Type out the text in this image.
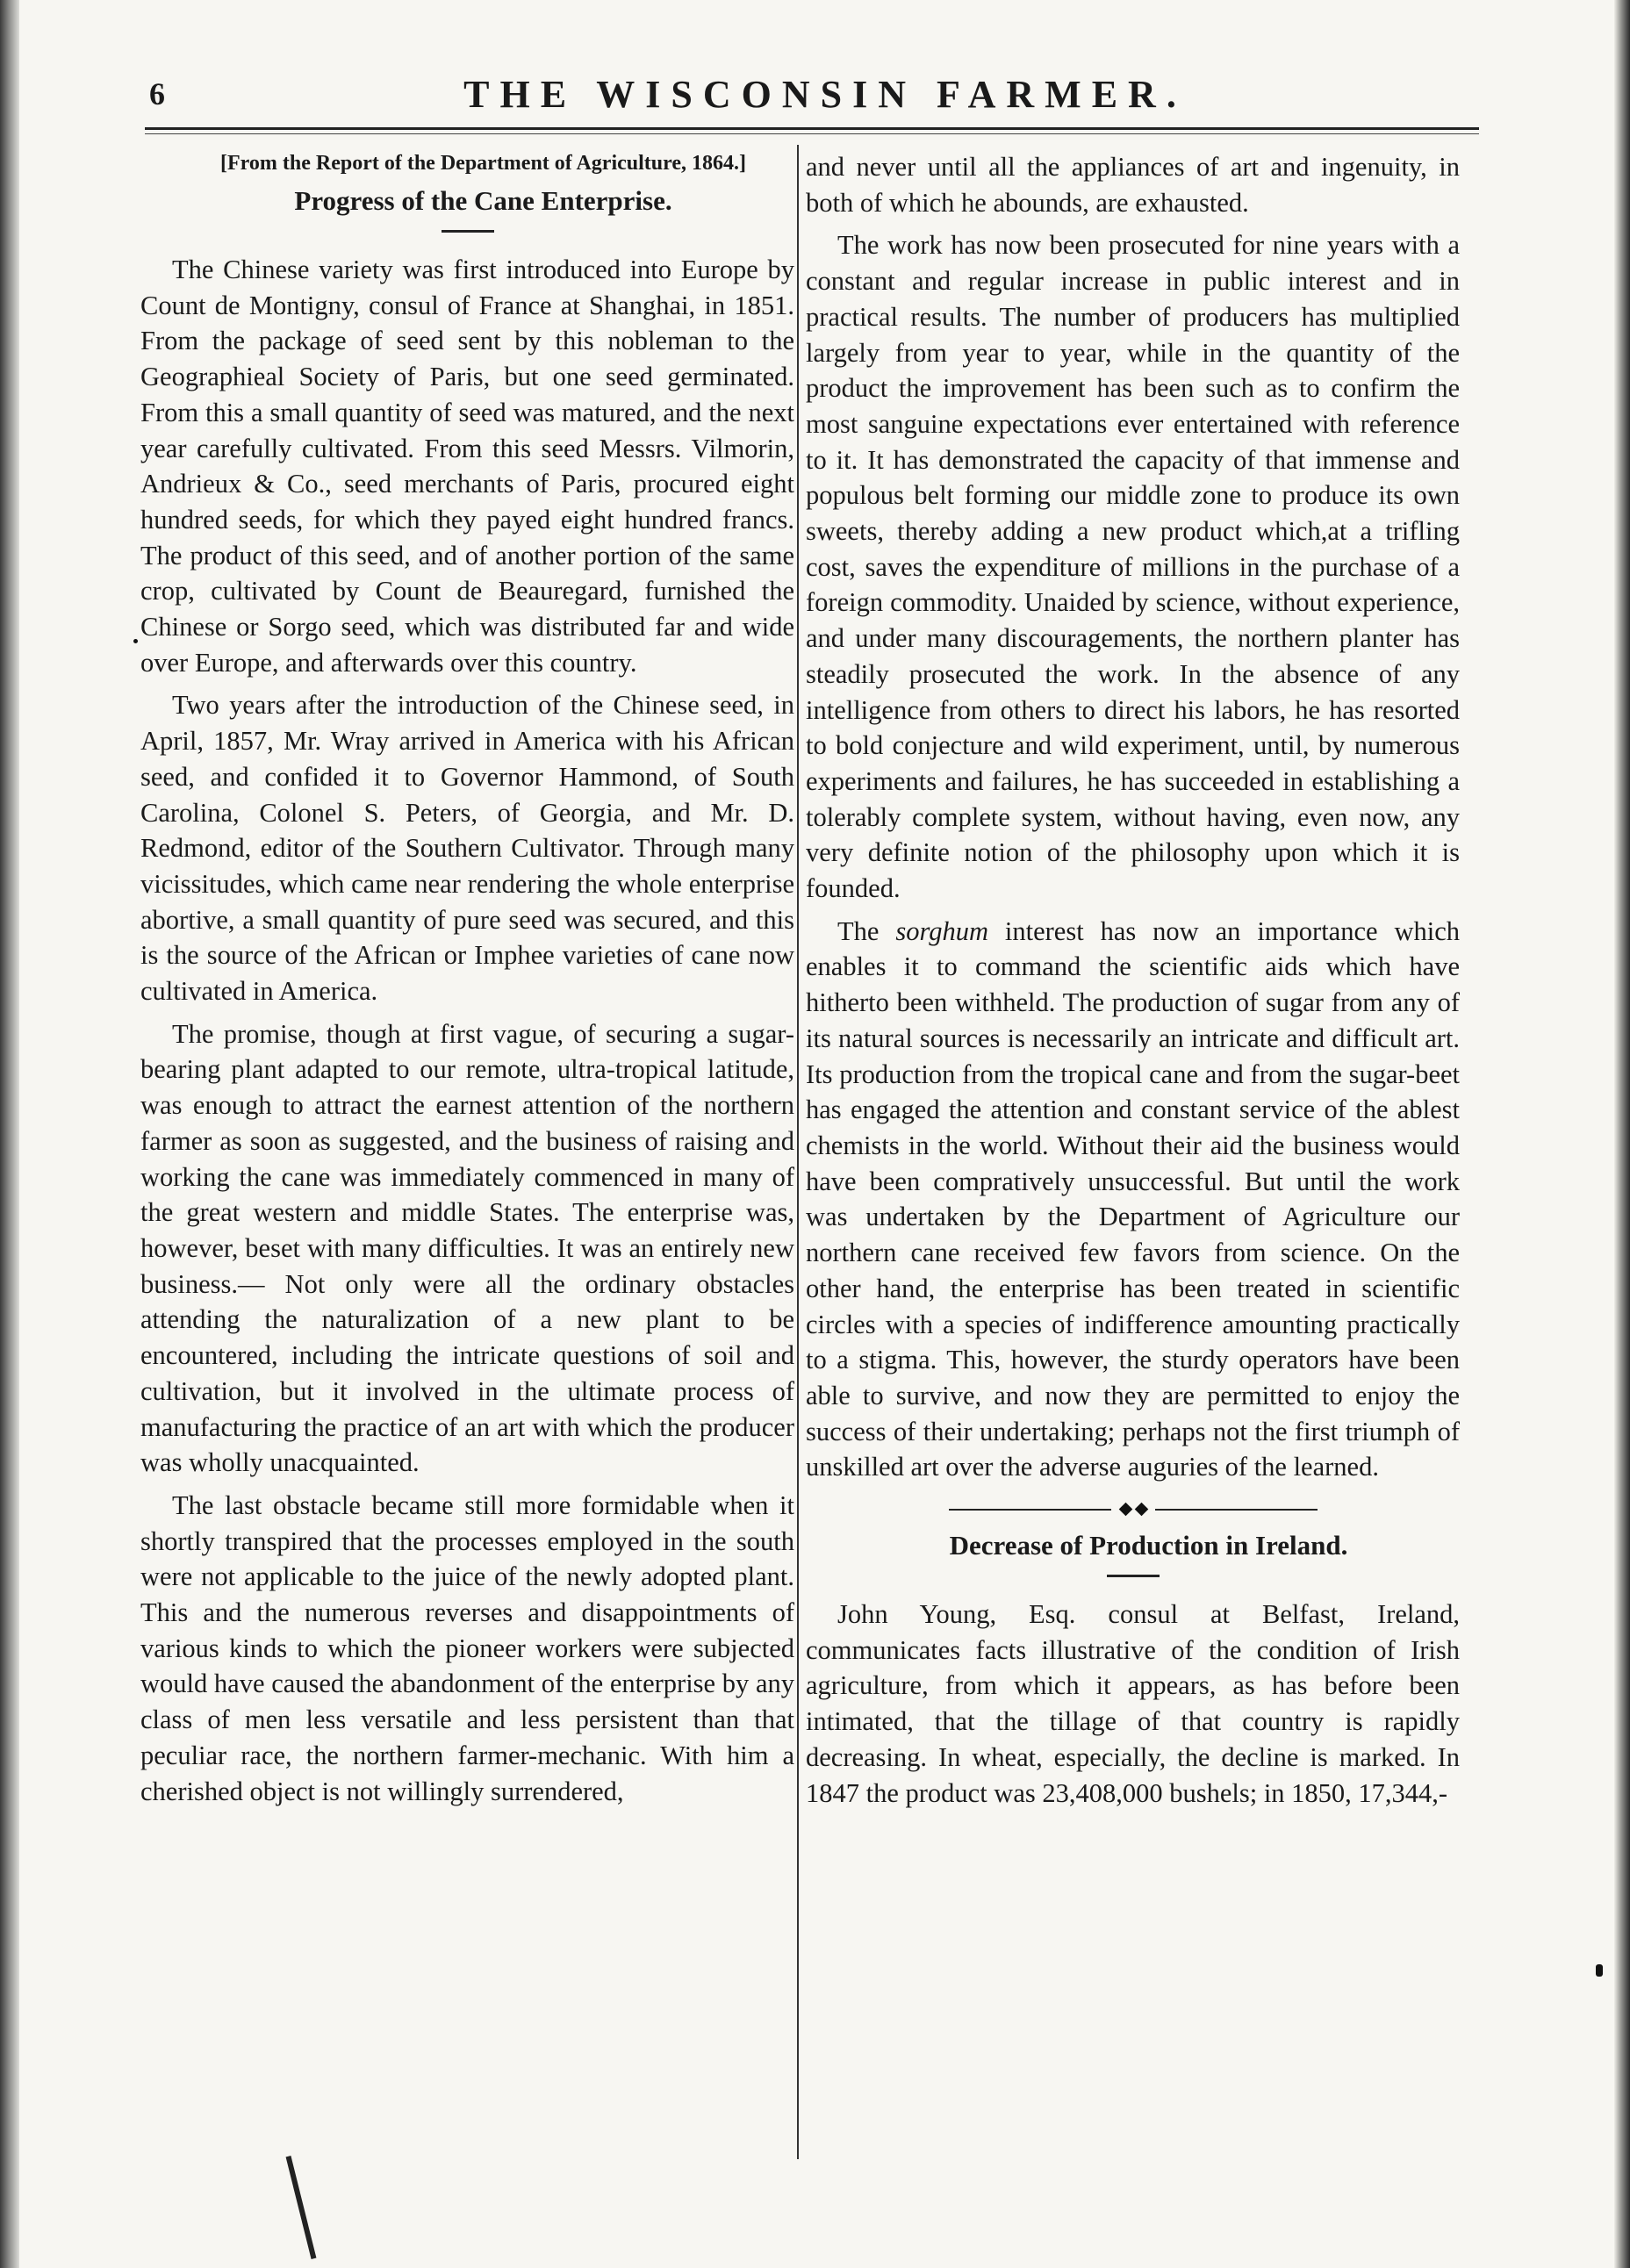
6	THE WISCONSIN FARMER.

[From the Report of the Department of Agriculture, 1864.]

Progress of the Cane Enterprise.

The Chinese variety was first introduced into Europe by Count de Montigny, consul of France at Shanghai, in 1851. From the package of seed sent by this nobleman to the Geographieal Society of Paris, but one seed germinated. From this a small quantity of seed was matured, and the next year carefully cultivated. From this seed Messrs. Vilmorin, Andrieux & Co., seed merchants of Paris, procured eight hundred seeds, for which they payed eight hundred francs. The product of this seed, and of another portion of the same crop, cultivated by Count de Beauregard, furnished the Chinese or Sorgo seed, which was distributed far and wide over Europe, and afterwards over this country.

Two years after the introduction of the Chinese seed, in April, 1857, Mr. Wray arrived in America with his African seed, and confided it to Governor Hammond, of South Carolina, Colonel S. Peters, of Georgia, and Mr. D. Redmond, editor of the Southern Cultivator. Through many vicissitudes, which came near rendering the whole enterprise abortive, a small quantity of pure seed was secured, and this is the source of the African or Imphee varieties of cane now cultivated in America.

The promise, though at first vague, of securing a sugar-bearing plant adapted to our remote, ultra-tropical latitude, was enough to attract the earnest attention of the northern farmer as soon as suggested, and the business of raising and working the cane was immediately commenced in many of the great western and middle States. The enterprise was, however, beset with many difficulties. It was an entirely new business.— Not only were all the ordinary obstacles attending the naturalization of a new plant to be encountered, including the intricate questions of soil and cultivation, but it involved in the ultimate process of manufacturing the practice of an art with which the producer was wholly unacquainted.

The last obstacle became still more formidable when it shortly transpired that the processes employed in the south were not applicable to the juice of the newly adopted plant. This and the numerous reverses and disappointments of various kinds to which the pioneer workers were subjected would have caused the abandonment of the enterprise by any class of men less versatile and less persistent than that peculiar race, the northern farmer-mechanic. With him a cherished object is not willingly surrendered,

and never until all the appliances of art and ingenuity, in both of which he abounds, are exhausted.

The work has now been prosecuted for nine years with a constant and regular increase in public interest and in practical results. The number of producers has multiplied largely from year to year, while in the quantity of the product the improvement has been such as to confirm the most sanguine expectations ever entertained with reference to it. It has demonstrated the capacity of that immense and populous belt forming our middle zone to produce its own sweets, thereby adding a new product which,at a trifling cost, saves the expenditure of millions in the purchase of a foreign commodity. Unaided by science, without experience, and under many discouragements, the northern planter has steadily prosecuted the work. In the absence of any intelligence from others to direct his labors, he has resorted to bold conjecture and wild experiment, until, by numerous experiments and failures, he has succeeded in establishing a tolerably complete system, without having, even now, any very definite notion of the philosophy upon which it is founded.

The sorghum interest has now an importance which enables it to command the scientific aids which have hitherto been withheld. The production of sugar from any of its natural sources is necessarily an intricate and difficult art. Its production from the tropical cane and from the sugar-beet has engaged the attention and constant service of the ablest chemists in the world. Without their aid the business would have been compratively unsuccessful. But until the work was undertaken by the Department of Agriculture our northern cane received few favors from science. On the other hand, the enterprise has been treated in scientific circles with a species of indifference amounting practically to a stigma. This, however, the sturdy operators have been able to survive, and now they are permitted to enjoy the success of their undertaking; perhaps not the first triumph of unskilled art over the adverse auguries of the learned.

Decrease of Production in Ireland.

John Young, Esq. consul at Belfast, Ireland, communicates facts illustrative of the condition of Irish agriculture, from which it appears, as has before been intimated, that the tillage of that country is rapidly decreasing. In wheat, especially, the decline is marked. In 1847 the product was 23,408,000 bushels; in 1850, 17,344,-
